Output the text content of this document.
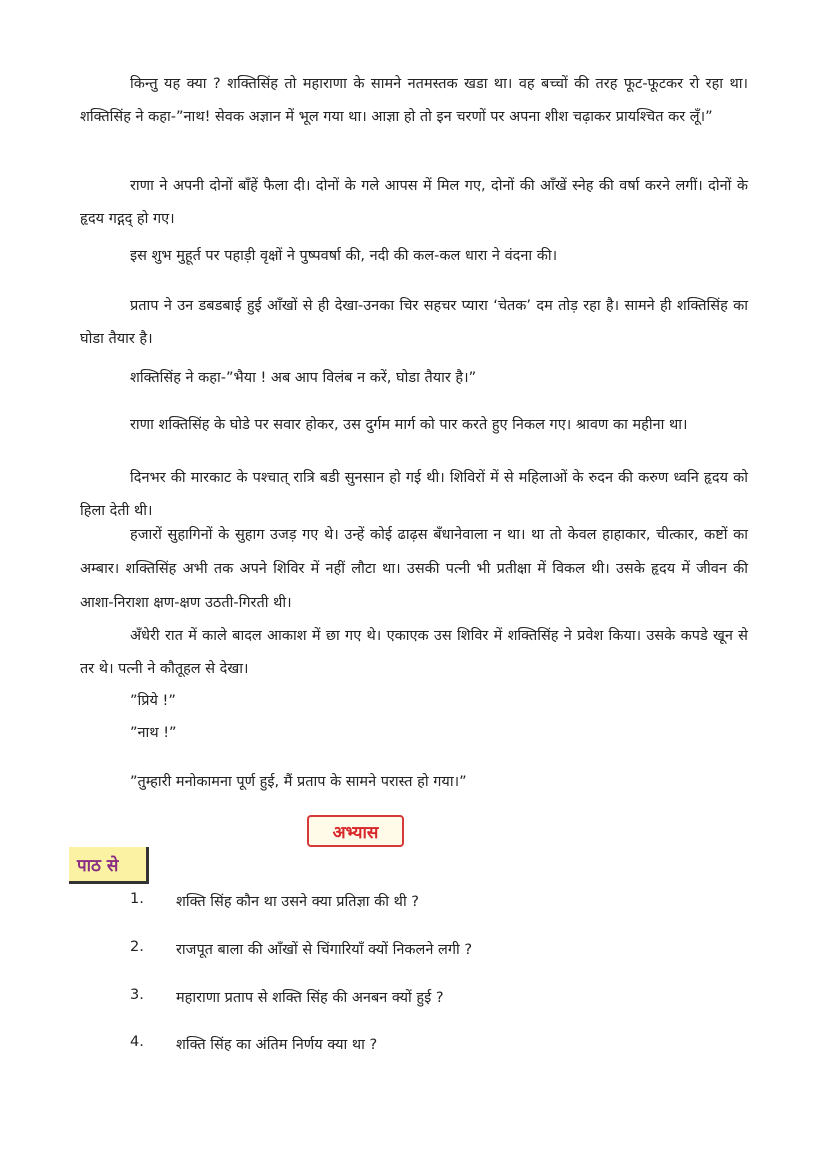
किन्तु यह क्या ? शक्तिसिंह तो महाराणा के सामने नतमस्तक खडा था। वह बच्चों की तरह फूट-फूटकर रो रहा था। शक्तिसिंह ने कहा-”नाथ! सेवक अज्ञान में भूल गया था। आज्ञा हो तो इन चरणों पर अपना शीश चढ़ाकर प्रायश्चित कर लूँ।”

राणा ने अपनी दोनों बाँहें फैला दी। दोनों के गले आपस में मिल गए, दोनों की आँखें स्नेह की वर्षा करने लगीं। दोनों के हृदय गद्गद् हो गए।

इस शुभ मुहूर्त पर पहाड़ी वृक्षों ने पुष्पवर्षा की, नदी की कल-कल धारा ने वंदना की।

प्रताप ने उन डबडबाई हुई आँखों से ही देखा-उनका चिर सहचर प्यारा ‘चेतक’ दम तोड़ रहा है। सामने ही शक्तिसिंह का घोडा तैयार है।

शक्तिसिंह ने कहा-”भैया ! अब आप विलंब न करें, घोडा तैयार है।”

राणा शक्तिसिंह के घोडे पर सवार होकर, उस दुर्गम मार्ग को पार करते हुए निकल गए। श्रावण का महीना था।

दिनभर की मारकाट के पश्चात् रात्रि बडी सुनसान हो गई थी। शिविरों में से महिलाओं के रुदन की करुण ध्वनि हृदय को हिला देती थी।

हजारों सुहागिनों के सुहाग उजड़ गए थे। उन्हें कोई ढाढ़स बँधानेवाला न था। था तो केवल हाहाकार, चीत्कार, कष्टों का अम्बार। शक्तिसिंह अभी तक अपने शिविर में नहीं लौटा था। उसकी पत्नी भी प्रतीक्षा में विकल थी। उसके हृदय में जीवन की आशा-निराशा क्षण-क्षण उठती-गिरती थी।

अँधेरी रात में काले बादल आकाश में छा गए थे। एकाएक उस शिविर में शक्तिसिंह ने प्रवेश किया। उसके कपडे खून से तर थे। पत्नी ने कौतूहल से देखा।

”प्रिये !”

”नाथ !”

”तुम्हारी मनोकामना पूर्ण हुई, मैं प्रताप के सामने परास्त हो गया।”

अभ्यास
पाठ से
1.	शक्ति सिंह कौन था उसने क्या प्रतिज्ञा की थी ?
2.	राजपूत बाला की आँखों से चिंगारियाँ क्यों निकलने लगी ?
3.	महाराणा प्रताप से शक्ति सिंह की अनबन क्यों हुई ?
4.	शक्ति सिंह का अंतिम निर्णय क्या था ?
